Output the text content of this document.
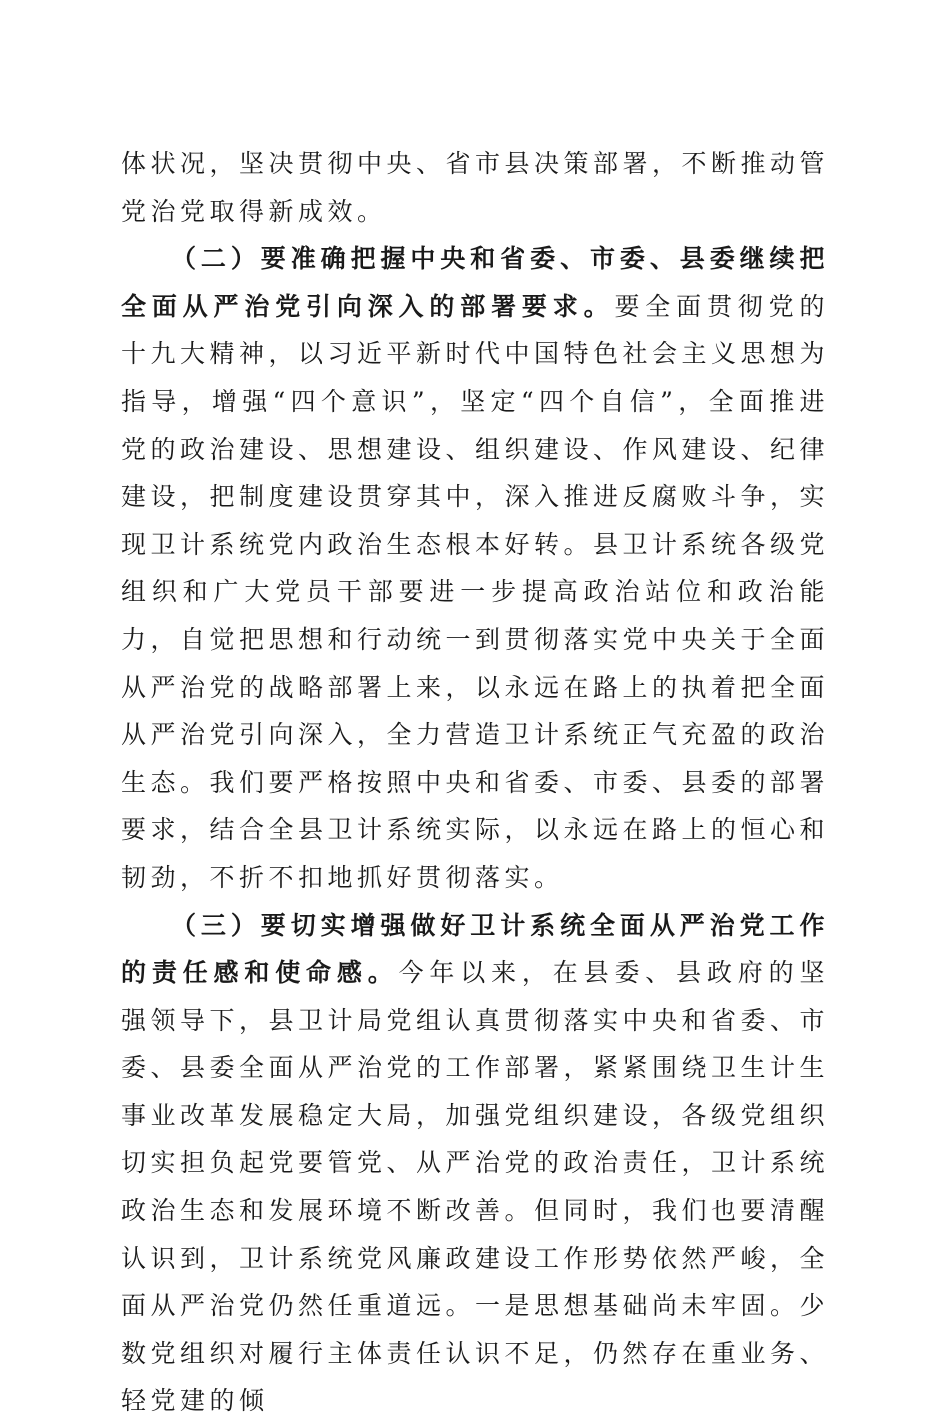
体状况，坚决贯彻中央、省市县决策部署，不断推动管党治党取得新成效。

（二）要准确把握中央和省委、市委、县委继续把全面从严治党引向深入的部署要求。要全面贯彻党的十九大精神，以习近平新时代中国特色社会主义思想为指导，增强“四个意识”，坚定“四个自信”，全面推进党的政治建设、思想建设、组织建设、作风建设、纪律建设，把制度建设贯穿其中，深入推进反腐败斗争，实现卫计系统党内政治生态根本好转。县卫计系统各级党组织和广大党员干部要进一步提高政治站位和政治能力，自觉把思想和行动统一到贯彻落实党中央关于全面从严治党的战略部署上来，以永远在路上的执着把全面从严治党引向深入，全力营造卫计系统正气充盈的政治生态。我们要严格按照中央和省委、市委、县委的部署要求，结合全县卫计系统实际，以永远在路上的恒心和韧劲，不折不扣地抓好贯彻落实。

（三）要切实增强做好卫计系统全面从严治党工作的责任感和使命感。今年以来，在县委、县政府的坚强领导下，县卫计局党组认真贯彻落实中央和省委、市委、县委全面从严治党的工作部署，紧紧围绕卫生计生事业改革发展稳定大局，加强党组织建设，各级党组织切实担负起党要管党、从严治党的政治责任，卫计系统政治生态和发展环境不断改善。但同时，我们也要清醒认识到，卫计系统党风廉政建设工作形势依然严峻，全面从严治党仍然任重道远。一是思想基础尚未牢固。少数党组织对履行主体责任认识不足，仍然存在重业务、轻党建的倾
